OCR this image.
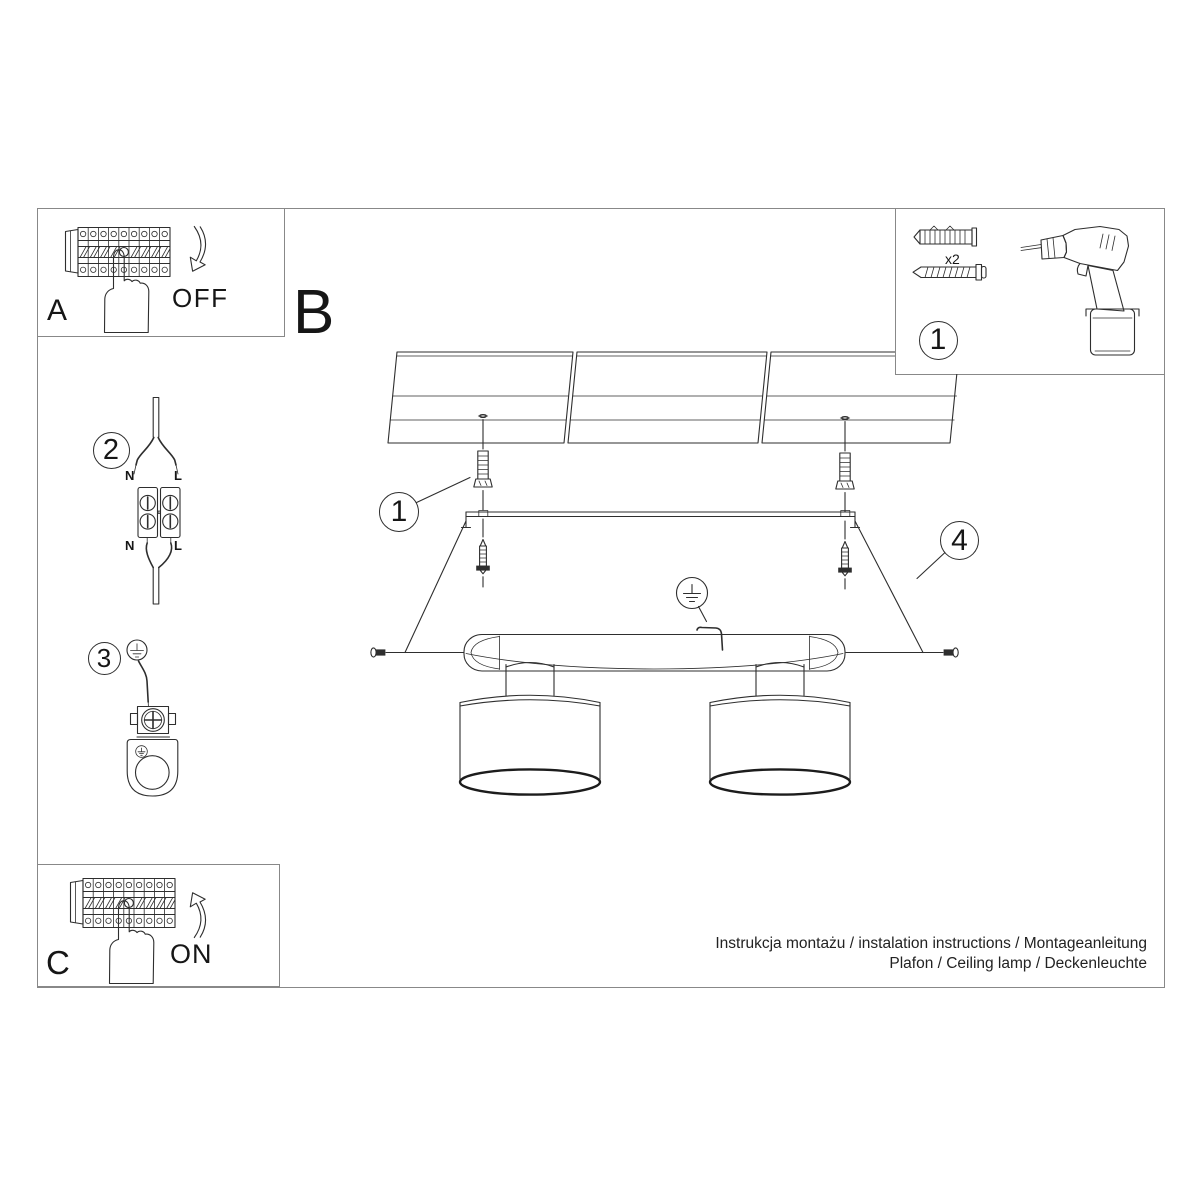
A	OFF B
C	ON
x2
1
1
4
2
3
N	L
N	L
Instrukcja montażu / instalation instructions / Montageanleitung
Plafon / Ceiling lamp / Deckenleuchte
